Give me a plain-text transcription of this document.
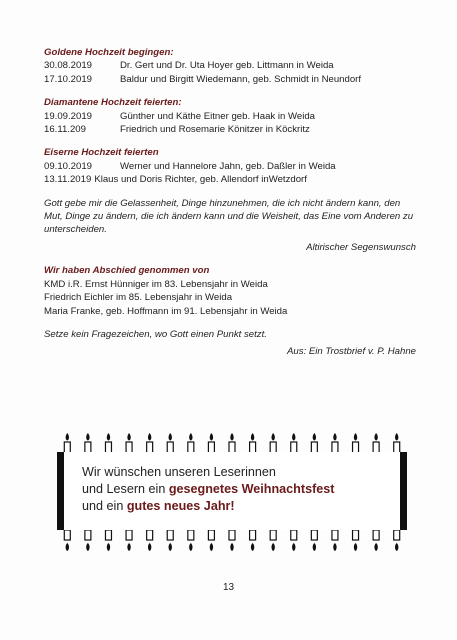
Goldene Hochzeit begingen:

30.08.2019	Dr. Gert und Dr. Uta Hoyer geb. Littmann in Weida
17.10.2019	Baldur und Birgitt Wiedemann, geb. Schmidt in Neundorf

Diamantene Hochzeit feierten:

19.09.2019	Günther und Käthe Eitner geb. Haak in Weida
16.11.209	Friedrich und Rosemarie Könitzer in Köckritz

Eiserne Hochzeit feierten

09.10.2019	Werner und Hannelore Jahn, geb. Daßler in Weida
13.11.2019 Klaus und Doris Richter, geb. Allendorf inWetzdorf

Gott gebe mir die Gelassenheit, Dinge hinzunehmen, die ich nicht ändern kann, den Mut, Dinge zu ändern, die ich ändern kann und die Weisheit, das Eine vom Anderen zu unterscheiden.

Altirischer Segenswunsch

Wir haben Abschied genommen von

KMD i.R. Ernst Hünniger im 83. Lebensjahr in Weida

Friedrich Eichler im 85. Lebensjahr in Weida

Maria Franke, geb. Hoffmann im 91. Lebensjahr in Weida

Setze kein Fragezeichen, wo Gott einen Punkt setzt.

Aus: Ein Trostbrief v. P. Hahne

Wir wünschen unseren Leserinnen
und Lesern ein gesegnetes Weihnachtsfest
und ein gutes neues Jahr!
13
